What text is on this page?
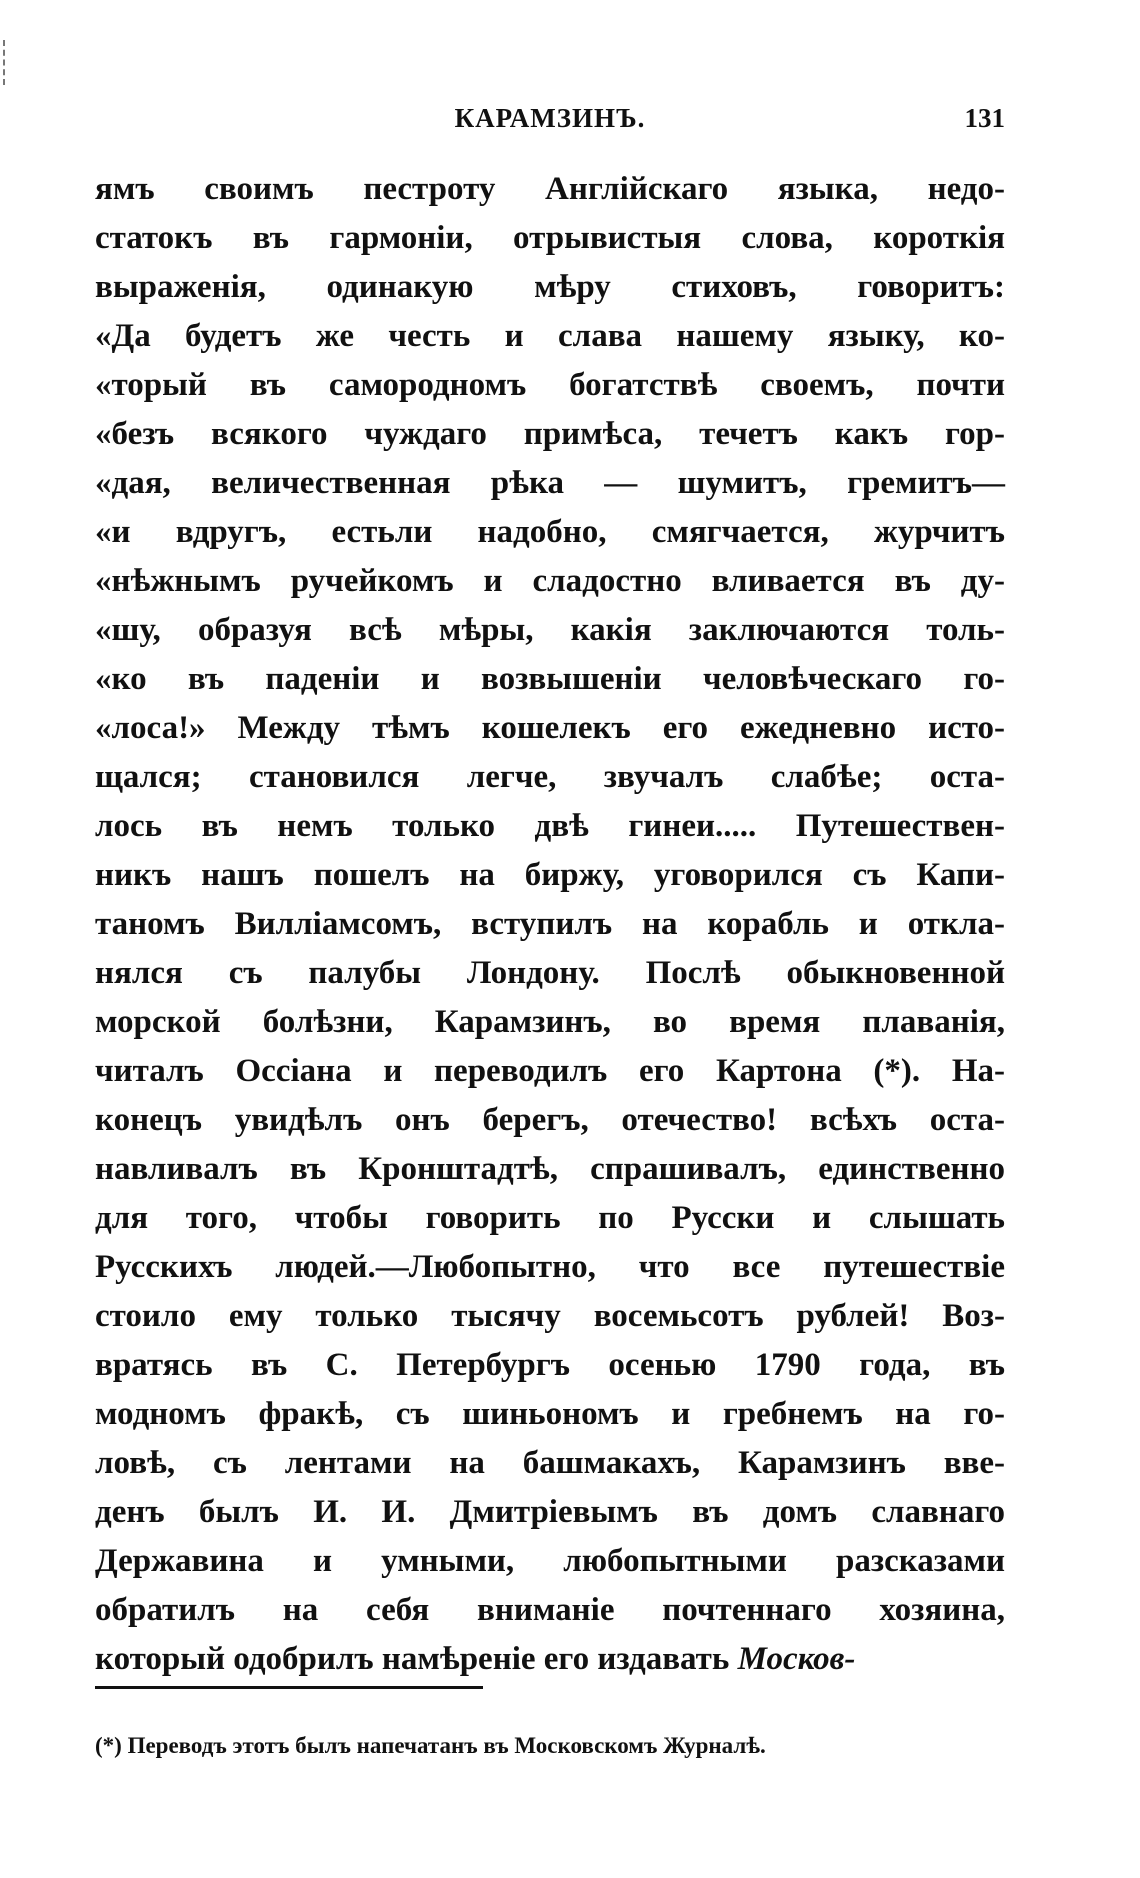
КАРАМЗИНЪ.	131
ямъ своимъ пестроту Англійскаго языка, недо-
статокъ въ гармоніи, отрывистыя слова, короткія
выраженія, одинакую мѣру стиховъ, говоритъ:
«Да будетъ же честь и слава нашему языку, ко-
«торый въ самородномъ богатствѣ своемъ, почти
«безъ всякого чуждаго примѣса, течетъ какъ гор-
«дая, величественная рѣка — шумитъ, гремитъ—
«и вдругъ, естьли надобно, смягчается, журчитъ
«нѣжнымъ ручейкомъ и сладостно вливается въ ду-
«шу, образуя всѣ мѣры, какія заключаются толь-
«ко въ паденіи и возвышеніи человѣческаго го-
«лоса!» Между тѣмъ кошелекъ его ежедневно исто-
щался; становился легче, звучалъ слабѣе; оста-
лось въ немъ только двѣ гинеи..... Путешествен-
никъ нашъ пошелъ на биржу, уговорился съ Капи-
таномъ Вилліамсомъ, вступилъ на корабль и откла-
нялся съ палубы Лондону. Послѣ обыкновенной
морской болѣзни, Карамзинъ, во время плаванія,
читалъ Оссіана и переводилъ его Картона (*). На-
конецъ увидѣлъ онъ берегъ, отечество! всѣхъ оста-
навливалъ въ Кронштадтѣ, спрашивалъ, единственно
для того, чтобы говорить по Русски и слышать
Русскихъ людей.—Любопытно, что все путешествіе
стоило ему только тысячу восемьсотъ рублей! Воз-
вратясь въ С. Петербургъ осенью 1790 года, въ
модномъ фракѣ, съ шиньономъ и гребнемъ на го-
ловѣ, съ лентами на башмакахъ, Карамзинъ вве-
денъ былъ И. И. Дмитріевымъ въ домъ славнаго
Державина и умными, любопытными разсказами
обратилъ на себя вниманіе почтеннаго хозяина,
который одобрилъ намѣреніе его издавать Москов-
(*) Переводъ этотъ былъ напечатанъ въ Московскомъ Журналѣ.
